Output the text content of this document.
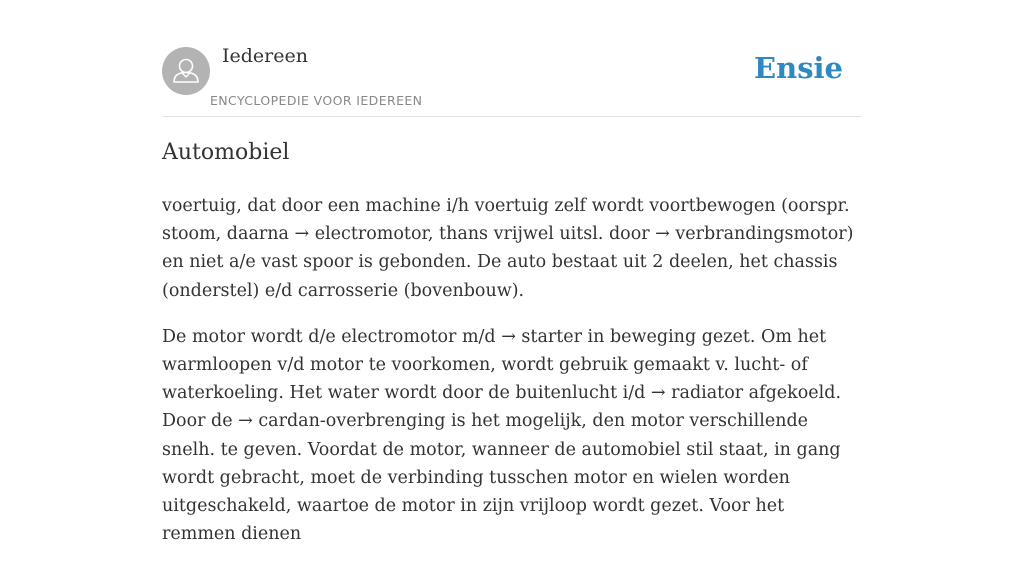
Iedereen
ENCYCLOPEDIE VOOR IEDEREEN
Ensie
Automobiel

voertuig, dat door een machine i/h voertuig zelf wordt voortbewogen (oorspr. stoom, daarna → electromotor, thans vrijwel uitsl. door → verbrandingsmotor) en niet a/e vast spoor is gebonden. De auto bestaat uit 2 deelen, het chassis (onderstel) e/d carrosserie (bovenbouw).

De motor wordt d/e electromotor m/d → starter in beweging gezet. Om het warmloopen v/d motor te voorkomen, wordt gebruik gemaakt v. lucht- of waterkoeling. Het water wordt door de buitenlucht i/d → radiator afgekoeld. Door de → cardan-overbrenging is het mogelijk, den motor verschillende snelh. te geven. Voordat de motor, wanneer de automobiel stil staat, in gang wordt gebracht, moet de verbinding tusschen motor en wielen worden uitgeschakeld, waartoe de motor in zijn vrijloop wordt gezet. Voor het remmen dienen
